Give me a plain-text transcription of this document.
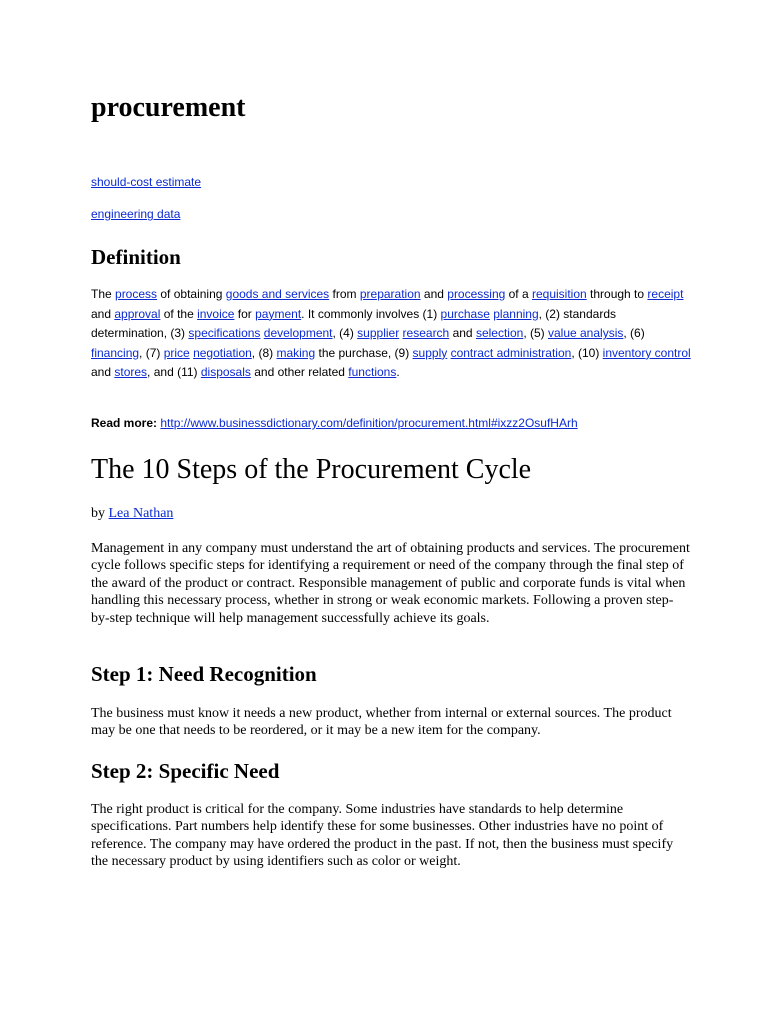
procurement
should-cost estimate
engineering data
Definition

The process of obtaining goods and services from preparation and processing of a requisition through to receipt and approval of the invoice for payment. It commonly involves (1) purchase planning, (2) standards determination, (3) specifications development, (4) supplier research and selection, (5) value analysis, (6) financing, (7) price negotiation, (8) making the purchase, (9) supply contract administration, (10) inventory control and stores, and (11) disposals and other related functions.

Read more: http://www.businessdictionary.com/definition/procurement.html#ixzz2OsufHArh

The 10 Steps of the Procurement Cycle

by Lea Nathan

Management in any company must understand the art of obtaining products and services. The procurement cycle follows specific steps for identifying a requirement or need of the company through the final step of the award of the product or contract. Responsible management of public and corporate funds is vital when handling this necessary process, whether in strong or weak economic markets. Following a proven step-by-step technique will help management successfully achieve its goals.

Step 1: Need Recognition

The business must know it needs a new product, whether from internal or external sources. The product may be one that needs to be reordered, or it may be a new item for the company.

Step 2: Specific Need

The right product is critical for the company. Some industries have standards to help determine specifications. Part numbers help identify these for some businesses. Other industries have no point of reference. The company may have ordered the product in the past. If not, then the business must specify the necessary product by using identifiers such as color or weight.
